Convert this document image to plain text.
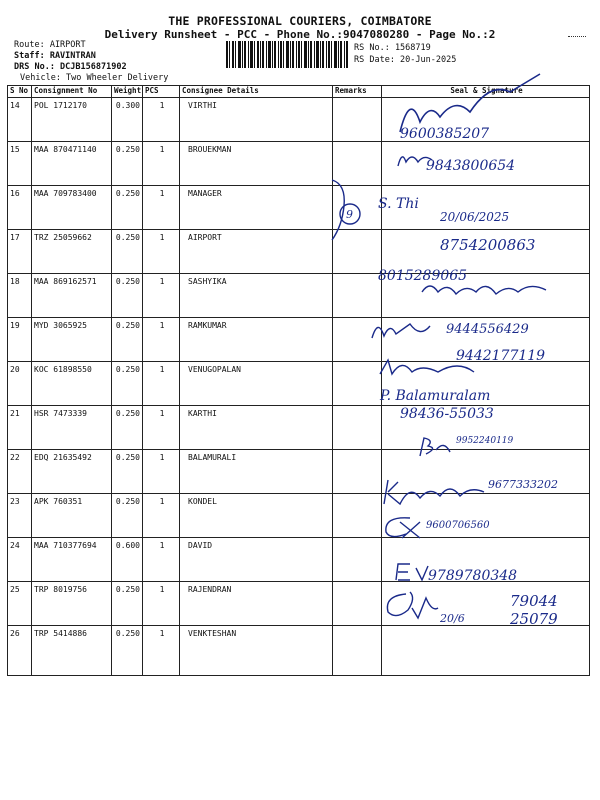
THE PROFESSIONAL COURIERS, COIMBATORE
Delivery Runsheet - PCC - Phone No.:9047080280 - Page No.:2
Route: AIRPORT
Staff: RAVINTRAN
DRS No.: DCJB156871902
Vehicle: Two Wheeler Delivery
RS No.: 1568719
RS Date: 20-Jun-2025
S No	Consignment No	Weight	PCS	Consignee Details	Remarks	Seal & Signature
14	POL 1712170	0.300	1	VIRTHI		
15	MAA 870471140	0.250	1	BROUEKMAN		
16	MAA 709783400	0.250	1	MANAGER		
17	TRZ 25059662	0.250	1	AIRPORT		
18	MAA 869162571	0.250	1	SASHYIKA		
19	MYD 3065925	0.250	1	RAMKUMAR		
20	KOC 61898550	0.250	1	VENUGOPALAN		
21	HSR 7473339	0.250	1	KARTHI		
22	EDQ 21635492	0.250	1	BALAMURALI		
23	APK 760351	0.250	1	KONDEL		
24	MAA 710377694	0.600	1	DAVID		
25	TRP 8019756	0.250	1	RAJENDRAN		
26	TRP 5414886	0.250	1	VENKTESHAN		
9600385207
9843800654
9
S. Thi
20/06/2025
8754200863
8015289065
9444556429
9442177119
P. Balamuralam
98436-55033
9952240119
9677333202
9600706560
9789780348
20/6
79044
25079
